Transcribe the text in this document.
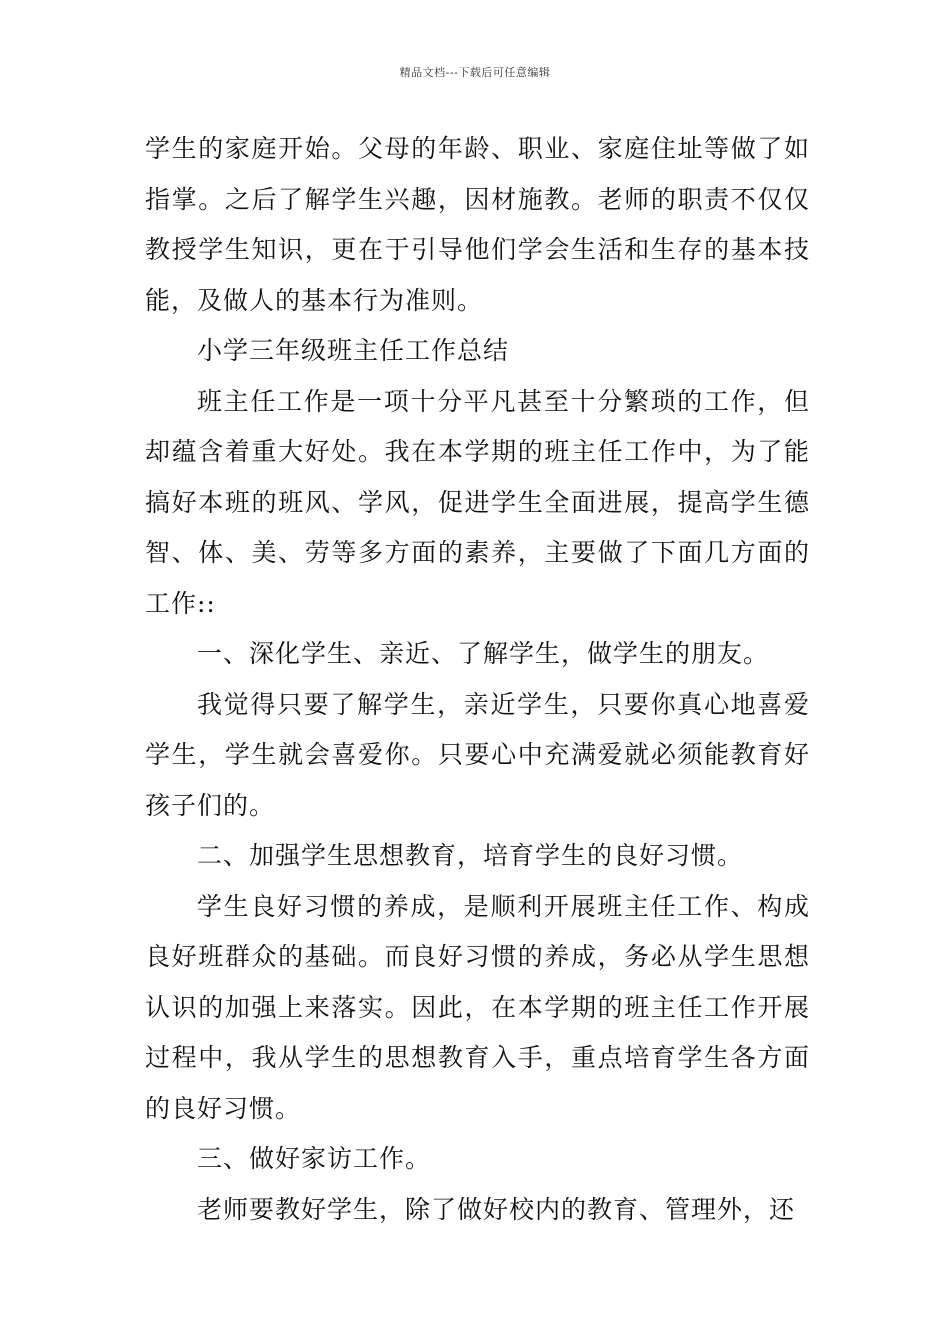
精品文档---下载后可任意编辑

学生的家庭开始。父母的年龄、职业、家庭住址等做了如指掌。之后了解学生兴趣，因材施教。老师的职责不仅仅教授学生知识，更在于引导他们学会生活和生存的基本技能，及做人的基本行为准则。

小学三年级班主任工作总结

班主任工作是一项十分平凡甚至十分繁琐的工作，但却蕴含着重大好处。我在本学期的班主任工作中，为了能搞好本班的班风、学风，促进学生全面进展，提高学生德智、体、美、劳等多方面的素养，主要做了下面几方面的工作::

一、深化学生、亲近、了解学生，做学生的朋友。

我觉得只要了解学生，亲近学生，只要你真心地喜爱学生，学生就会喜爱你。只要心中充满爱就必须能教育好孩子们的。

二、加强学生思想教育，培育学生的良好习惯。

学生良好习惯的养成，是顺利开展班主任工作、构成良好班群众的基础。而良好习惯的养成，务必从学生思想认识的加强上来落实。因此，在本学期的班主任工作开展过程中，我从学生的思想教育入手，重点培育学生各方面的良好习惯。

三、做好家访工作。

老师要教好学生，除了做好校内的教育、管理外，还
